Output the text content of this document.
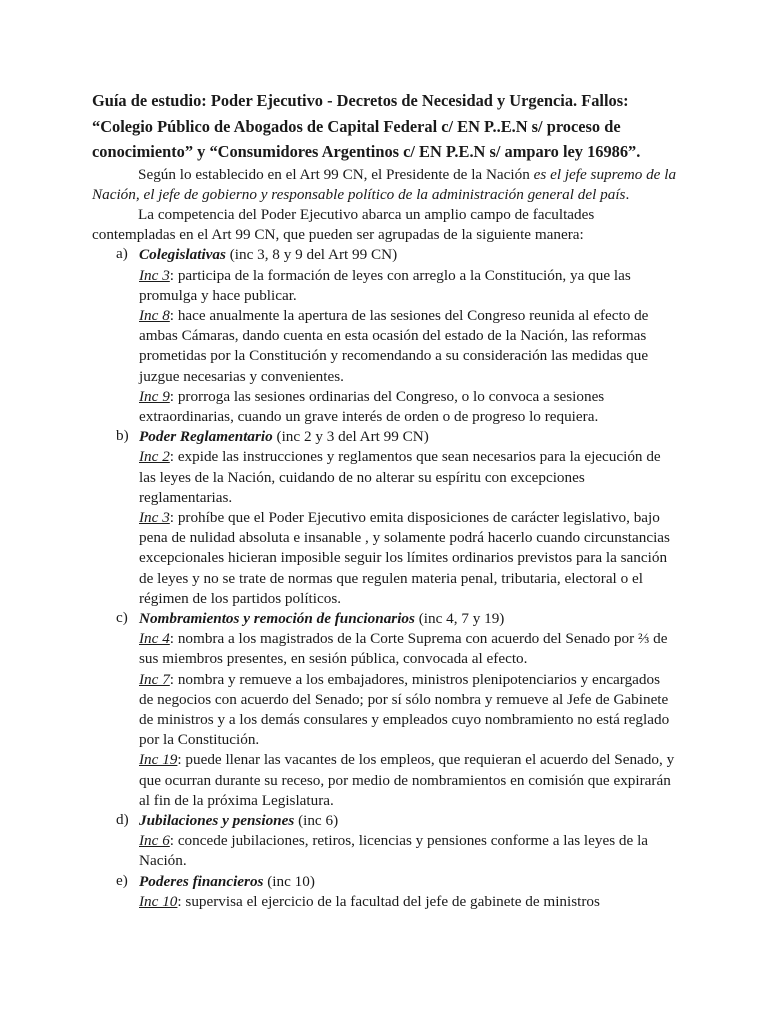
Guía de estudio: Poder Ejecutivo - Decretos de Necesidad y Urgencia. Fallos: “Colegio Público de Abogados de Capital Federal c/ EN P..E.N s/ proceso de conocimiento” y “Consumidores Argentinos c/ EN P.E.N s/ amparo ley 16986”.

Según lo establecido en el Art 99 CN, el Presidente de la Nación es el jefe supremo de la Nación, el jefe de gobierno y responsable político de la administración general del país.

La competencia del Poder Ejecutivo abarca un amplio campo de facultades contempladas en el Art 99 CN, que pueden ser agrupadas de la siguiente manera:

a) Colegislativas (inc 3, 8 y 9 del Art 99 CN)

Inc 3: participa de la formación de leyes con arreglo a la Constitución, ya que las promulga y hace publicar.

Inc 8: hace anualmente la apertura de las sesiones del Congreso reunida al efecto de ambas Cámaras, dando cuenta en esta ocasión del estado de la Nación, las reformas prometidas por la Constitución y recomendando a su consideración las medidas que juzgue necesarias y convenientes.

Inc 9: prorroga las sesiones ordinarias del Congreso, o lo convoca a sesiones extraordinarias, cuando un grave interés de orden o de progreso lo requiera.

b) Poder Reglamentario (inc 2 y 3 del Art 99 CN)

Inc 2: expide las instrucciones y reglamentos que sean necesarios para la ejecución de las leyes de la Nación, cuidando de no alterar su espíritu con excepciones reglamentarias.

Inc 3: prohíbe que el Poder Ejecutivo emita disposiciones de carácter legislativo, bajo pena de nulidad absoluta e insanable , y solamente podrá hacerlo cuando circunstancias excepcionales hicieran imposible seguir los límites ordinarios previstos para la sanción de leyes y no se trate de normas que regulen materia penal, tributaria, electoral o el régimen de los partidos políticos.

c) Nombramientos y remoción de funcionarios (inc 4, 7 y 19)

Inc 4: nombra a los magistrados de la Corte Suprema con acuerdo del Senado por ⅔ de sus miembros presentes, en sesión pública, convocada al efecto.

Inc 7: nombra y remueve a los embajadores, ministros plenipotenciarios y encargados de negocios con acuerdo del Senado; por sí sólo nombra y remueve al Jefe de Gabinete de ministros y a los demás consulares y empleados cuyo nombramiento no está reglado por la Constitución.

Inc 19: puede llenar las vacantes de los empleos, que requieran el acuerdo del Senado, y que ocurran durante su receso, por medio de nombramientos en comisión que expirarán al fin de la próxima Legislatura.

d) Jubilaciones y pensiones (inc 6)

Inc 6: concede jubilaciones, retiros, licencias y pensiones conforme a las leyes de la Nación.

e) Poderes financieros (inc 10)

Inc 10: supervisa el ejercicio de la facultad del jefe de gabinete de ministros
